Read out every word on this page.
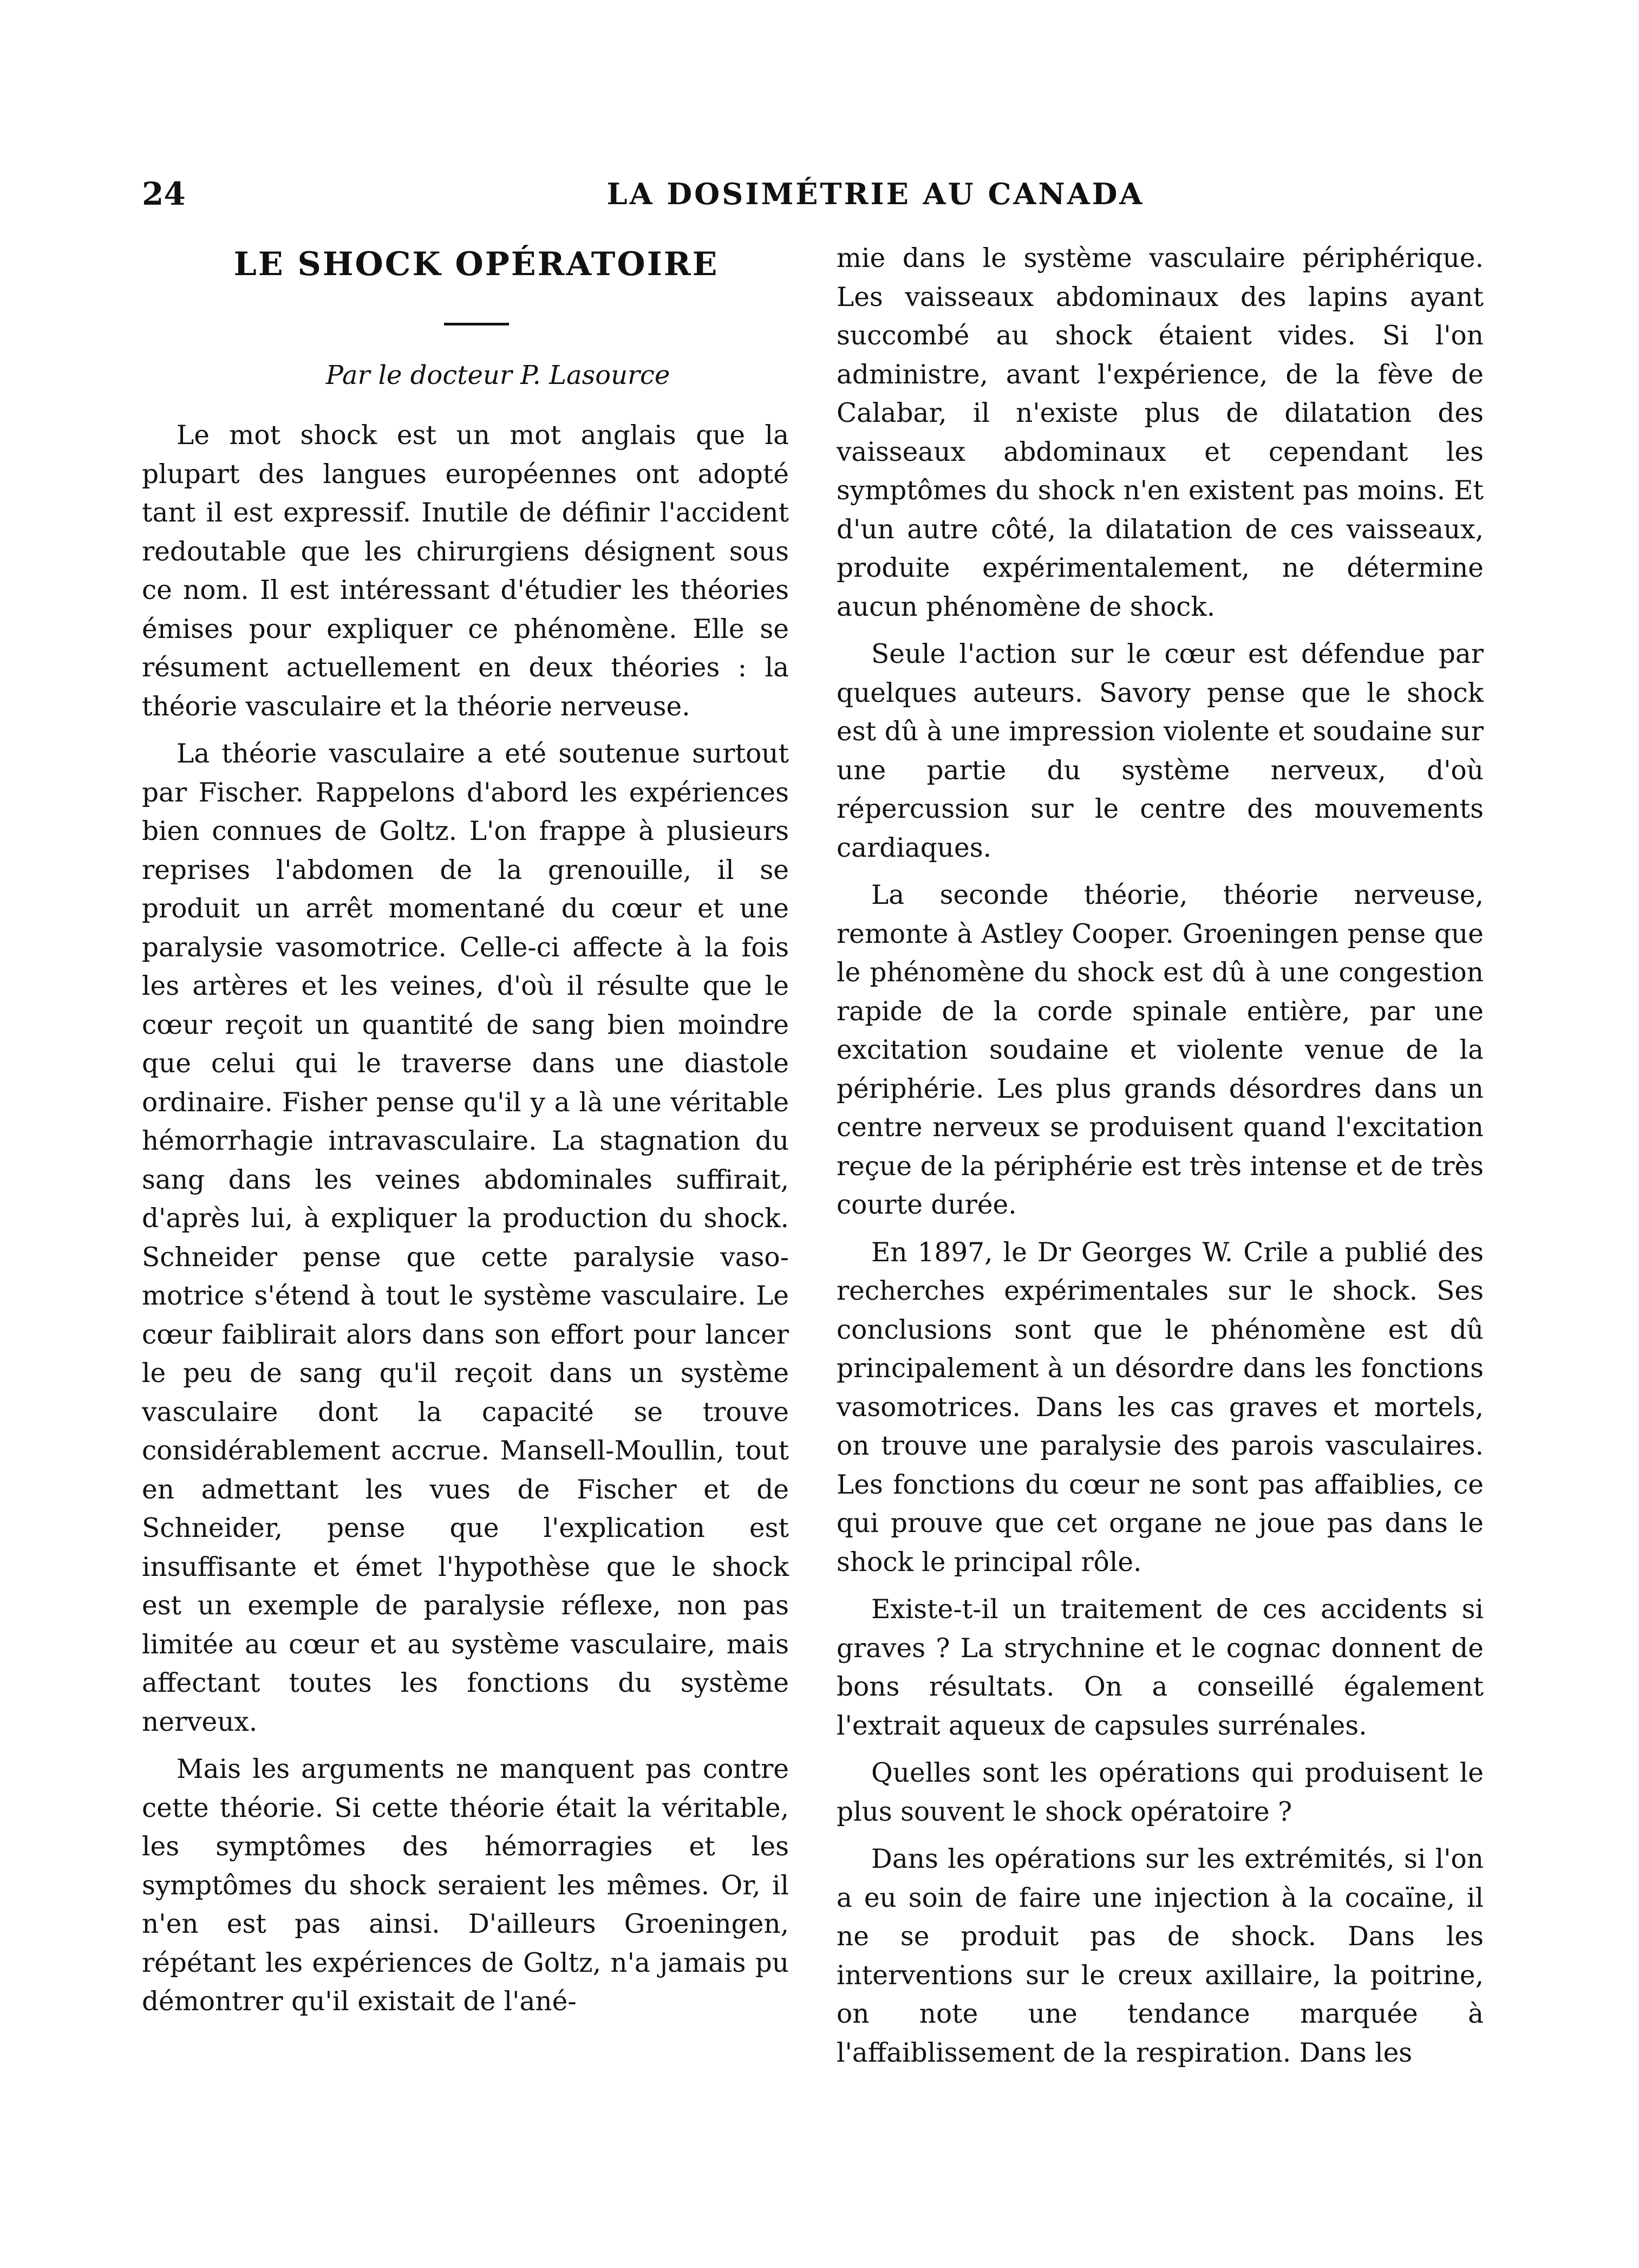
24	LA DOSIMÉTRIE AU CANADA
LE SHOCK OPÉRATOIRE
Par le docteur P. Lasource

Le mot shock est un mot anglais que la plupart des langues européennes ont adopté tant il est expressif. Inutile de définir l'accident redoutable que les chirurgiens désignent sous ce nom. Il est intéressant d'étudier les théories émises pour expliquer ce phénomène. Elle se résument actuellement en deux théories : la théorie vasculaire et la théorie nerveuse.

La théorie vasculaire a eté soutenue surtout par Fischer. Rappelons d'abord les expériences bien connues de Goltz. L'on frappe à plusieurs reprises l'abdomen de la grenouille, il se produit un arrêt momentané du cœur et une paralysie vasomotrice. Celle-ci affecte à la fois les artères et les veines, d'où il résulte que le cœur reçoit un quantité de sang bien moindre que celui qui le traverse dans une diastole ordinaire. Fisher pense qu'il y a là une véritable hémorrhagie intravasculaire. La stagnation du sang dans les veines abdominales suffirait, d'après lui, à expliquer la production du shock. Schneider pense que cette paralysie vaso-motrice s'étend à tout le système vasculaire. Le cœur faiblirait alors dans son effort pour lancer le peu de sang qu'il reçoit dans un système vasculaire dont la capacité se trouve considérablement accrue. Mansell-Moullin, tout en admettant les vues de Fischer et de Schneider, pense que l'explication est insuffisante et émet l'hypothèse que le shock est un exemple de paralysie réflexe, non pas limitée au cœur et au système vasculaire, mais affectant toutes les fonctions du système nerveux.

Mais les arguments ne manquent pas contre cette théorie. Si cette théorie était la véritable, les symptômes des hémorragies et les symptômes du shock seraient les mêmes. Or, il n'en est pas ainsi. D'ailleurs Groeningen, répétant les expériences de Goltz, n'a jamais pu démontrer qu'il existait de l'ané-

mie dans le système vasculaire périphérique. Les vaisseaux abdominaux des lapins ayant succombé au shock étaient vides. Si l'on administre, avant l'expérience, de la fève de Calabar, il n'existe plus de dilatation des vaisseaux abdominaux et cependant les symptômes du shock n'en existent pas moins. Et d'un autre côté, la dilatation de ces vaisseaux, produite expérimentalement, ne détermine aucun phénomène de shock.

Seule l'action sur le cœur est défendue par quelques auteurs. Savory pense que le shock est dû à une impression violente et soudaine sur une partie du système nerveux, d'où répercussion sur le centre des mouvements cardiaques.

La seconde théorie, théorie nerveuse, remonte à Astley Cooper. Groeningen pense que le phénomène du shock est dû à une congestion rapide de la corde spinale entière, par une excitation soudaine et violente venue de la périphérie. Les plus grands désordres dans un centre nerveux se produisent quand l'excitation reçue de la périphérie est très intense et de très courte durée.

En 1897, le Dr Georges W. Crile a publié des recherches expérimentales sur le shock. Ses conclusions sont que le phénomène est dû principalement à un désordre dans les fonctions vasomotrices. Dans les cas graves et mortels, on trouve une paralysie des parois vasculaires. Les fonctions du cœur ne sont pas affaiblies, ce qui prouve que cet organe ne joue pas dans le shock le principal rôle.

Existe-t-il un traitement de ces accidents si graves ? La strychnine et le cognac donnent de bons résultats. On a conseillé également l'extrait aqueux de capsules surrénales.

Quelles sont les opérations qui produisent le plus souvent le shock opératoire ?

Dans les opérations sur les extrémités, si l'on a eu soin de faire une injection à la cocaïne, il ne se produit pas de shock. Dans les interventions sur le creux axillaire, la poitrine, on note une tendance marquée à l'affaiblissement de la respiration. Dans les
